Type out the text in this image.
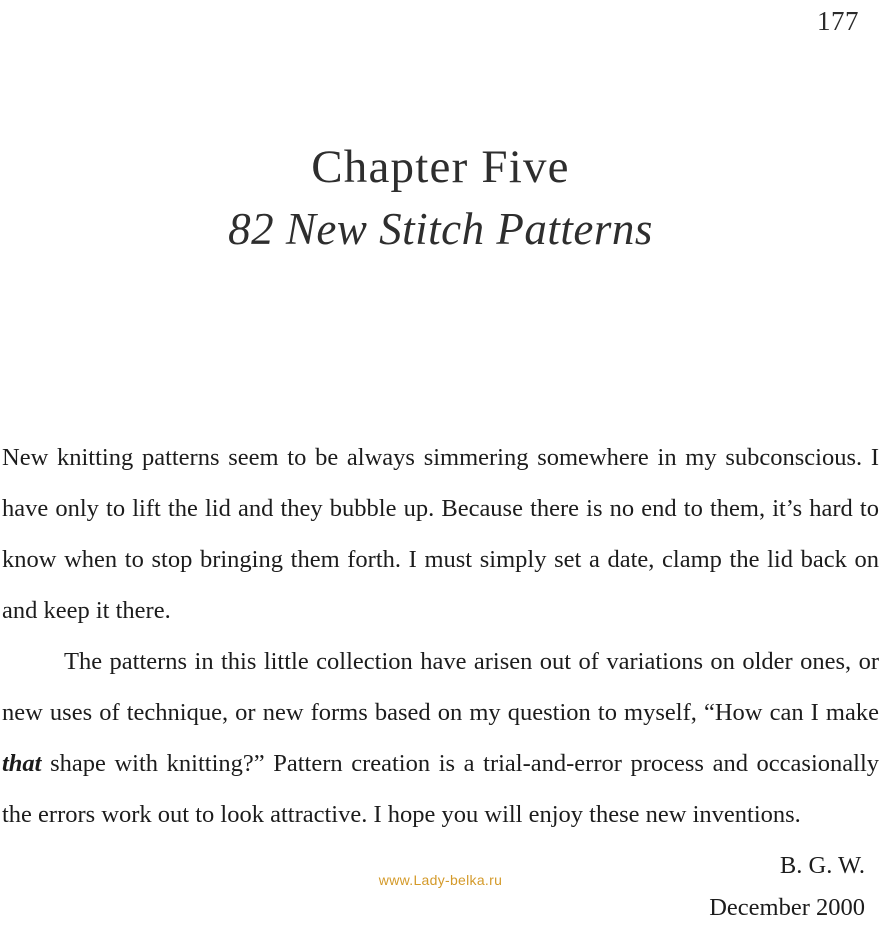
177
Chapter Five
82 New Stitch Patterns

New knitting patterns seem to be always simmering somewhere in my subconscious. I have only to lift the lid and they bubble up. Because there is no end to them, it’s hard to know when to stop bringing them forth. I must simply set a date, clamp the lid back on and keep it there.

The patterns in this little collection have arisen out of variations on older ones, or new uses of technique, or new forms based on my question to myself, “How can I make that shape with knitting?” Pattern creation is a trial-and-error process and occasionally the errors work out to look attractive. I hope you will enjoy these new inventions.

B. G. W.
December 2000
www.Lady-belka.ru
